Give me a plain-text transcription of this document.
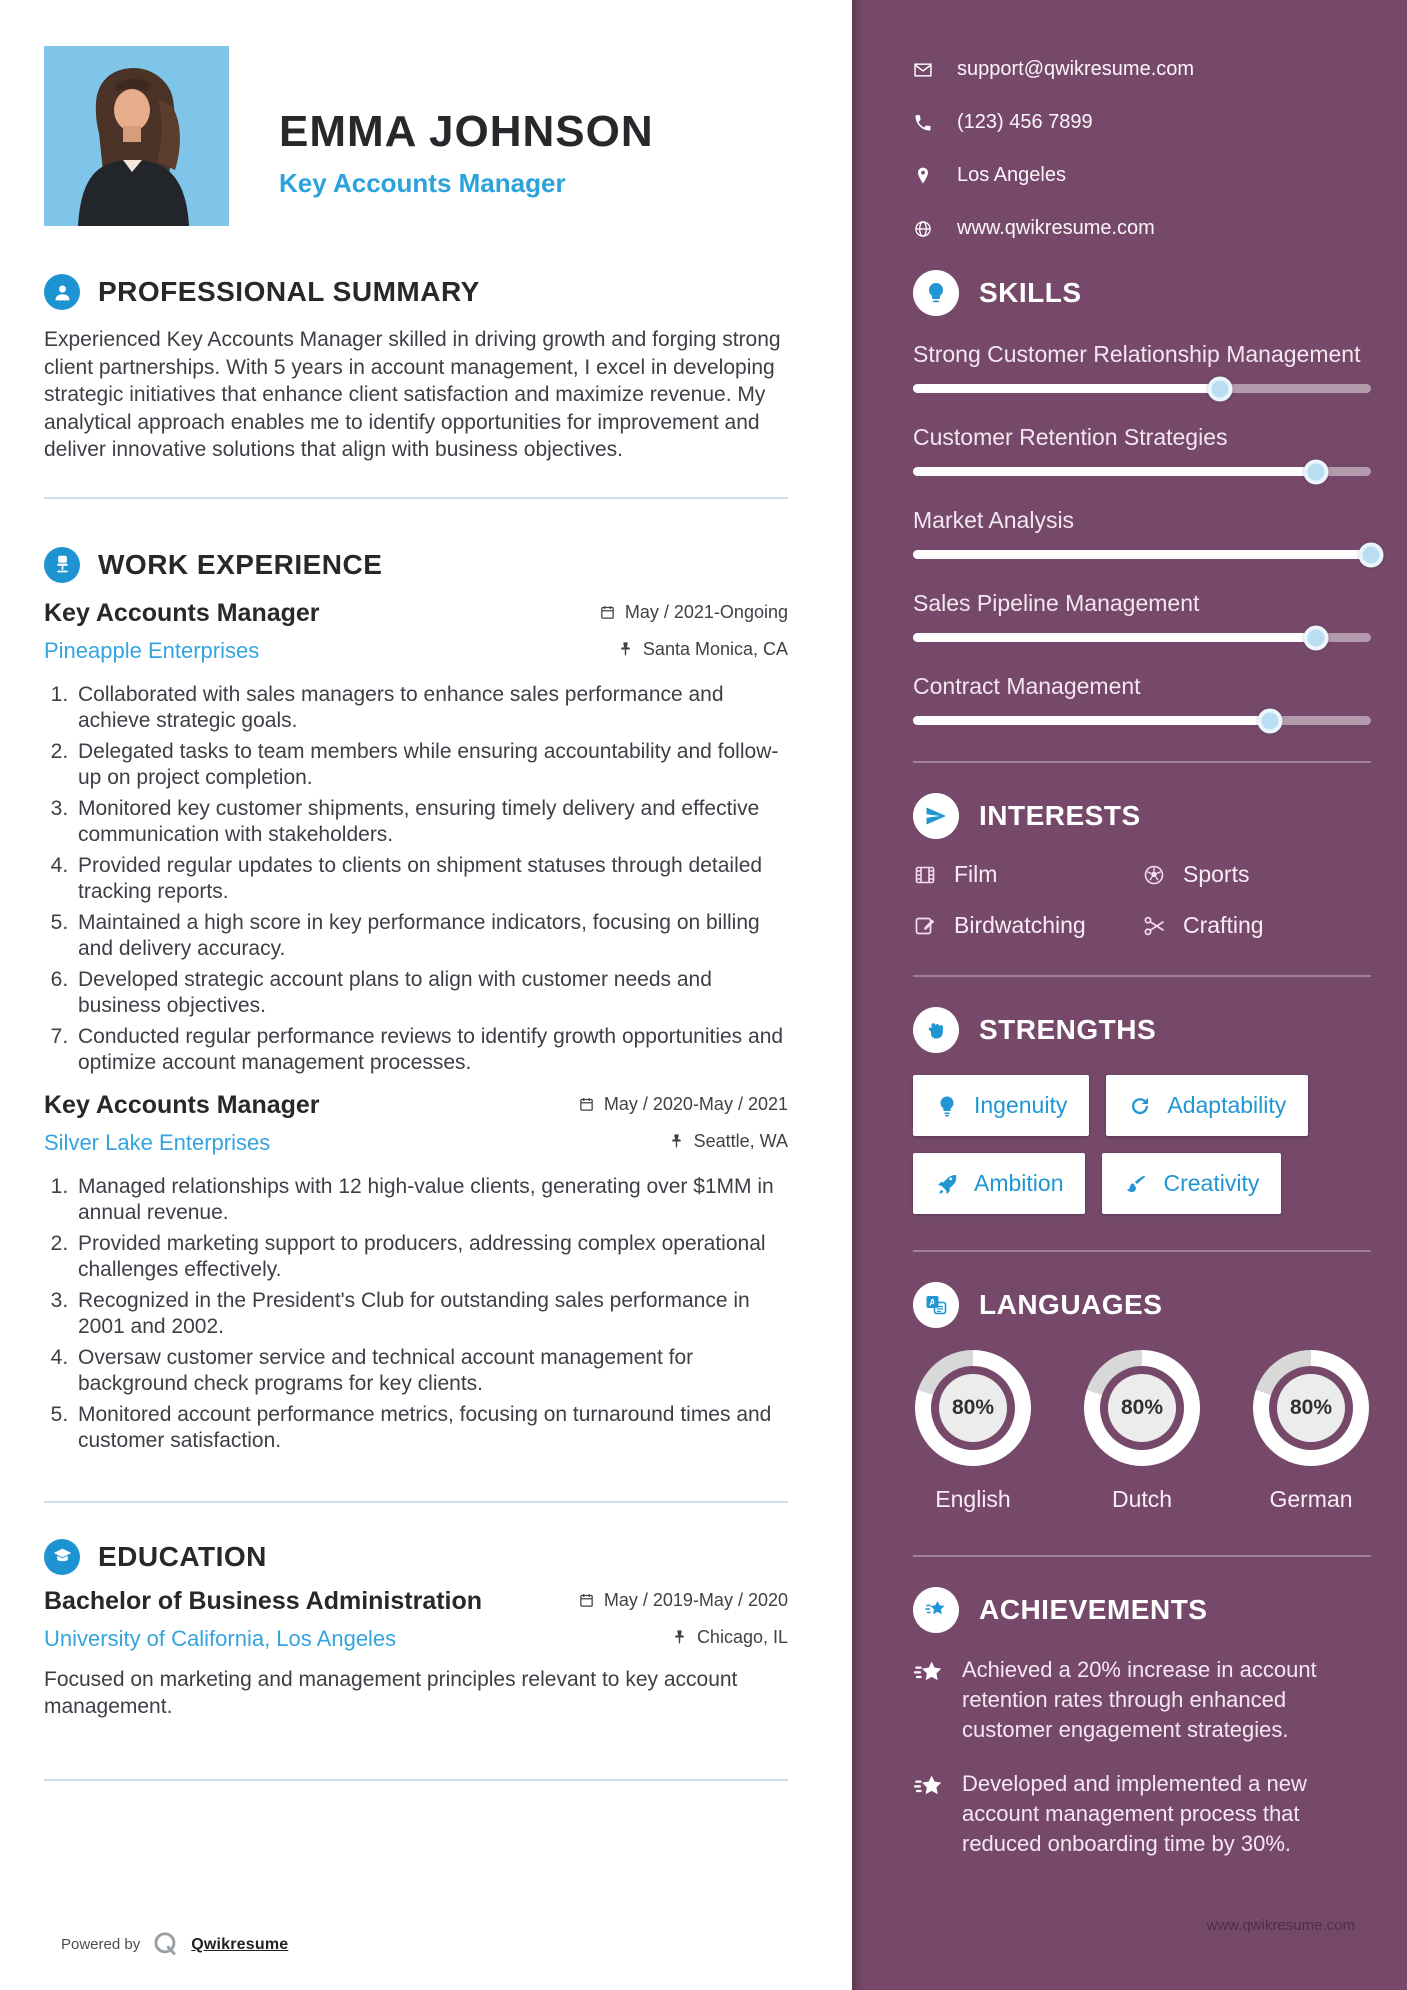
EMMA JOHNSON
Key Accounts Manager
PROFESSIONAL SUMMARY

Experienced Key Accounts Manager skilled in driving growth and forging strong client partnerships. With 5 years in account management, I excel in developing strategic initiatives that enhance client satisfaction and maximize revenue. My analytical approach enables me to identify opportunities for improvement and deliver innovative solutions that align with business objectives.

WORK EXPERIENCE
Key Accounts Manager	May / 2021-Ongoing
Pineapple Enterprises	Santa Monica, CA
1. Collaborated with sales managers to enhance sales performance and achieve strategic goals.
2. Delegated tasks to team members while ensuring accountability and follow-up on project completion.
3. Monitored key customer shipments, ensuring timely delivery and effective communication with stakeholders.
4. Provided regular updates to clients on shipment statuses through detailed tracking reports.
5. Maintained a high score in key performance indicators, focusing on billing and delivery accuracy.
6. Developed strategic account plans to align with customer needs and business objectives.
7. Conducted regular performance reviews to identify growth opportunities and optimize account management processes.
Key Accounts Manager	May / 2020-May / 2021
Silver Lake Enterprises	Seattle, WA
1. Managed relationships with 12 high-value clients, generating over $1MM in annual revenue.
2. Provided marketing support to producers, addressing complex operational challenges effectively.
3. Recognized in the President's Club for outstanding sales performance in 2001 and 2002.
4. Oversaw customer service and technical account management for background check programs for key clients.
5. Monitored account performance metrics, focusing on turnaround times and customer satisfaction.
EDUCATION
Bachelor of Business Administration	May / 2019-May / 2020
University of California, Los Angeles	Chicago, IL

Focused on marketing and management principles relevant to key account management.

Powered by	Qwikresume
support@qwikresume.com
(123) 456 7899
Los Angeles
www.qwikresume.com
SKILLS
Strong Customer Relationship Management
Customer Retention Strategies
Market Analysis
Sales Pipeline Management
Contract Management
INTERESTS
Film	Sports
Birdwatching	Crafting
STRENGTHS
Ingenuity	Adaptability
Ambition	Creativity
A LANGUAGES
80%
English
80%
Dutch
80%
German
ACHIEVEMENTS
Achieved a 20% increase in account retention rates through enhanced customer engagement strategies.
Developed and implemented a new account management process that reduced onboarding time by 30%.
www.qwikresume.com
